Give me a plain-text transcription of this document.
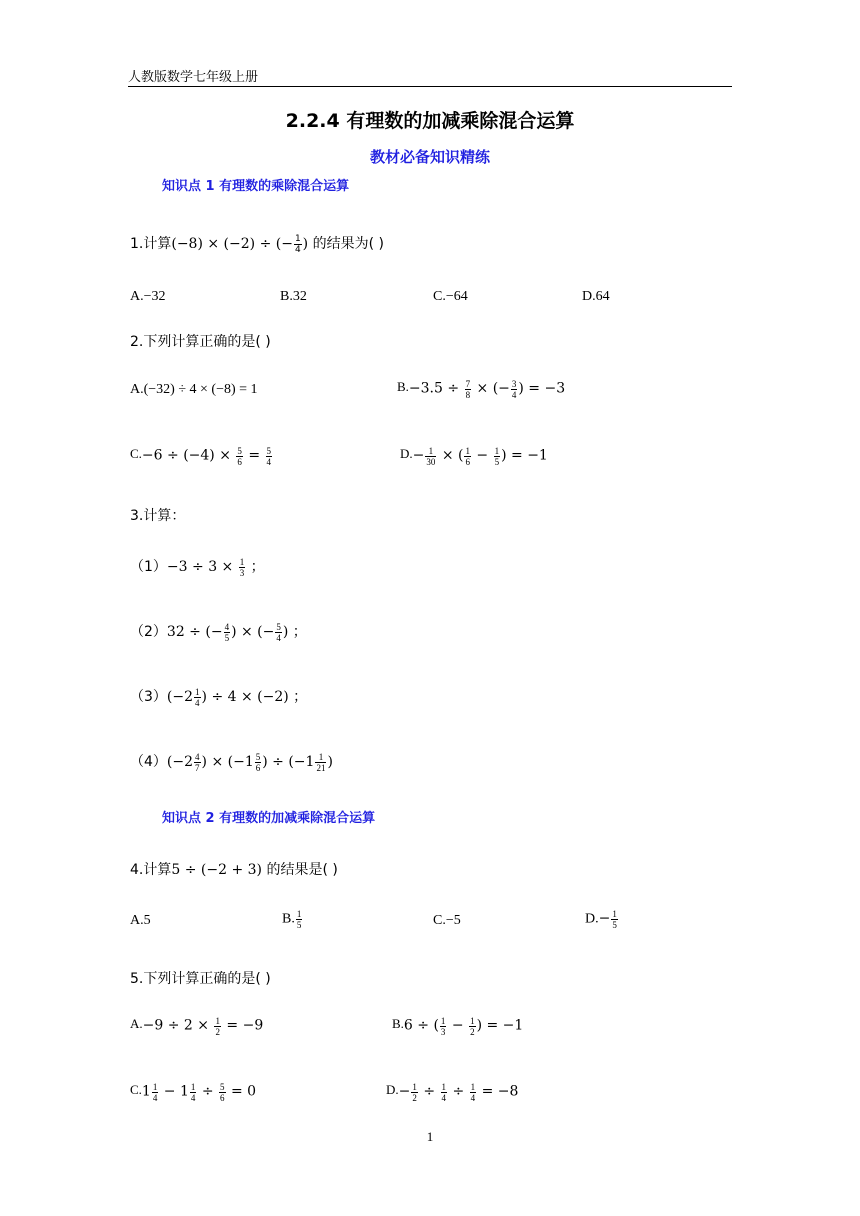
人教版数学七年级上册
2.2.4 有理数的加减乘除混合运算
教材必备知识精练
知识点 1 有理数的乘除混合运算
1.计算(−8) × (−2) ÷ (− $\frac{1}{4}$ ) 的结果为( )
A.−32	B.32	C.−64	D.64
2.下列计算正确的是( )
A.(−32) ÷ 4 × (−8) = 1	$B.-3.5 \div \frac{7}{8}$ × (− $\frac{3}{4}$ ) = −3
$C.-6 \div (-4) \times \frac{5}{6} = \frac{5}{4}$	$D.- \frac{1}{30}$ × ( $\frac{1}{6} - \frac{1}{5}$ ) = −1
3.计算：
$(1)-3 \div 3 \times \frac{1}{3}$ ；
（2）32 ÷ (− $\frac{4}{5}$ ) × (− $\frac{5}{4}$ ) ；
$(3)(-2 \frac{1}{4}$ ) ÷ 4 × (−2) ；
$(4)(-2 \frac{4}{7}$ ) × ($-1 \frac{5}{6}$ ) ÷ ($-1 \frac{1}{21}$ )
知识点 2 有理数的加减乘除混合运算
4.计算5 ÷ (−2 + 3) 的结果是( )
A.5	B. $\frac{1}{5}$	C.−5	$D.- \frac{1}{5}$
5.下列计算正确的是( )
$A.-9 \div 2 \times \frac{1}{2} = -9$	B.6 ÷ ( $\frac{1}{3} - \frac{1}{2}$ ) = −1
$C.1 \frac{1}{4} - 1 \frac{1}{4} \div \frac{5}{6} = 0$	$D.- \frac{1}{2} \div \frac{1}{4} \div \frac{1}{4} = -8$
1
